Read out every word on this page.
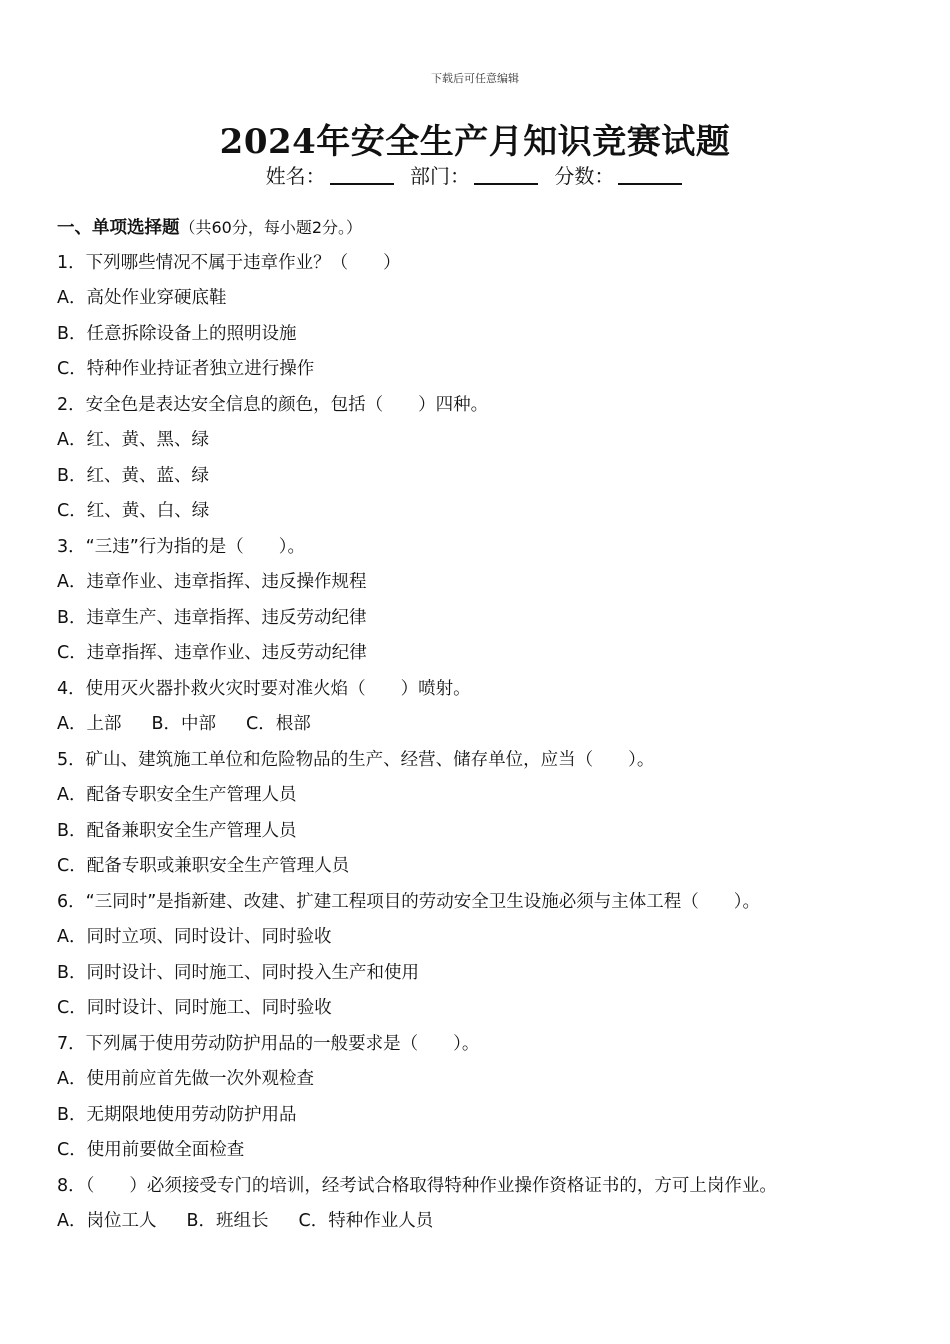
下载后可任意编辑
2024年安全生产月知识竞赛试题
姓名：	部门：	分数：
一、单项选择题（共60分，每小题2分。）
1．下列哪些情况不属于违章作业？（　　）
A．高处作业穿硬底鞋
B．任意拆除设备上的照明设施
C．特种作业持证者独立进行操作
2．安全色是表达安全信息的颜色，包括（　　）四种。
A．红、黄、黑、绿
B．红、黄、蓝、绿
C．红、黄、白、绿
3．“三违”行为指的是（　　）。
A．违章作业、违章指挥、违反操作规程
B．违章生产、违章指挥、违反劳动纪律
C．违章指挥、违章作业、违反劳动纪律
4．使用灭火器扑救火灾时要对准火焰（　　）喷射。
A．上部 B．中部 C．根部
5．矿山、建筑施工单位和危险物品的生产、经营、储存单位，应当（　　）。
A．配备专职安全生产管理人员
B．配备兼职安全生产管理人员
C．配备专职或兼职安全生产管理人员
6．“三同时”是指新建、改建、扩建工程项目的劳动安全卫生设施必须与主体工程（　　）。
A．同时立项、同时设计、同时验收
B．同时设计、同时施工、同时投入生产和使用
C．同时设计、同时施工、同时验收
7．下列属于使用劳动防护用品的一般要求是（　　）。
A．使用前应首先做一次外观检查
B．无期限地使用劳动防护用品
C．使用前要做全面检查
8．（　　）必须接受专门的培训，经考试合格取得特种作业操作资格证书的，方可上岗作业。
A．岗位工人 B．班组长 C．特种作业人员
